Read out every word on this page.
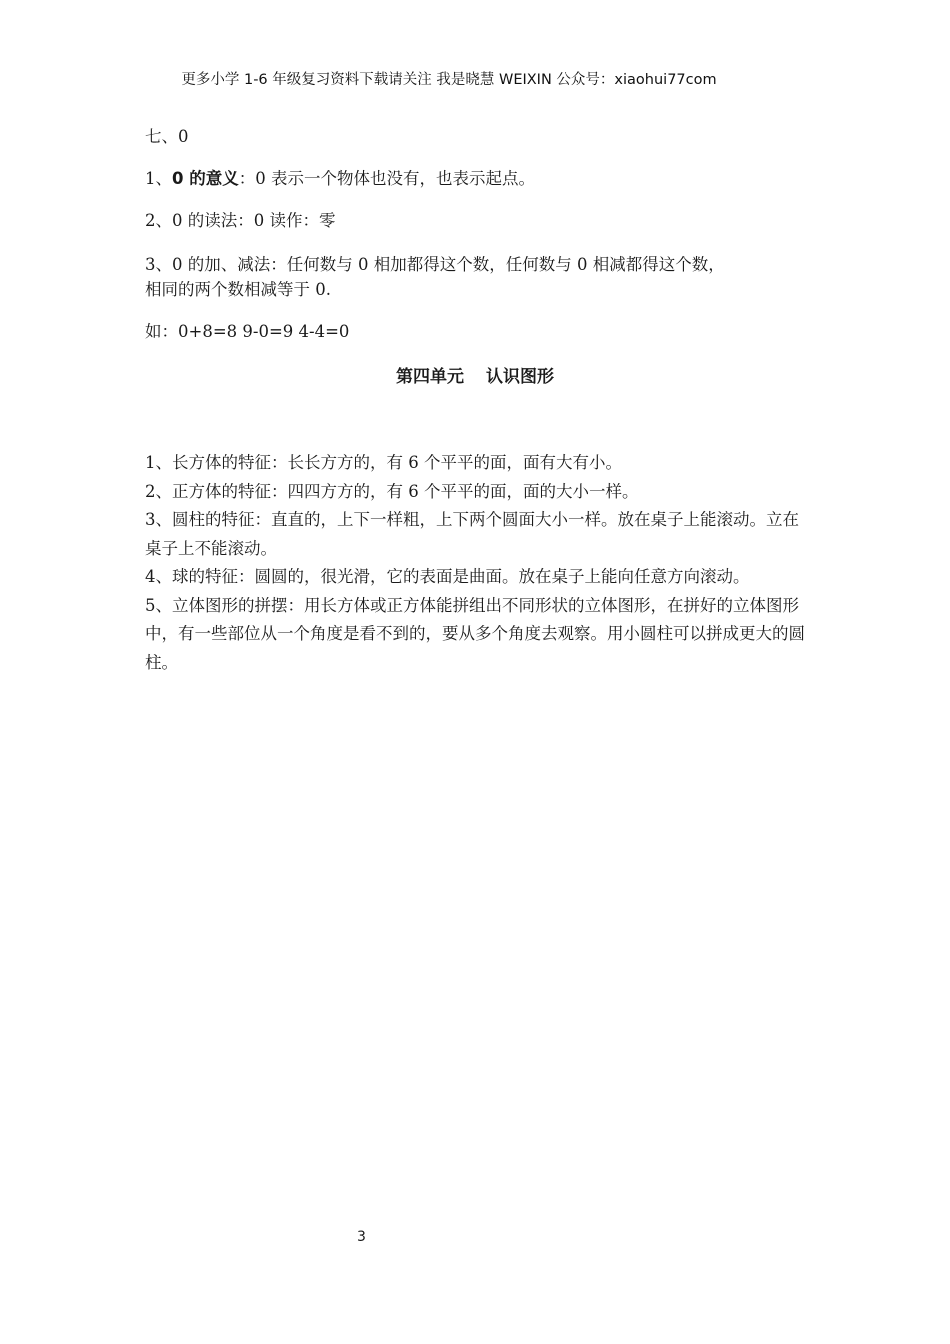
更多小学 1-6 年级复习资料下载请关注 我是晓慧 WEIXIN 公众号：xiaohui77com
七、0
1、0 的意义：0 表示一个物体也没有，也表示起点。
2、0 的读法：0 读作：零
3、0 的加、减法：任何数与 0 相加都得这个数，任何数与 0 相减都得这个数，
相同的两个数相减等于 0.
如：0+8=8 9-0=9 4-4=0
第四单元 认识图形
1、长方体的特征：长长方方的，有 6 个平平的面，面有大有小。
2、正方体的特征：四四方方的，有 6 个平平的面，面的大小一样。
3、圆柱的特征：直直的，上下一样粗，上下两个圆面大小一样。放在桌子上能滚动。立在桌子上不能滚动。
4、球的特征：圆圆的，很光滑，它的表面是曲面。放在桌子上能向任意方向滚动。
5、立体图形的拼摆：用长方体或正方体能拼组出不同形状的立体图形，在拼好的立体图形中，有一些部位从一个角度是看不到的，要从多个角度去观察。用小圆柱可以拼成更大的圆柱。
3
